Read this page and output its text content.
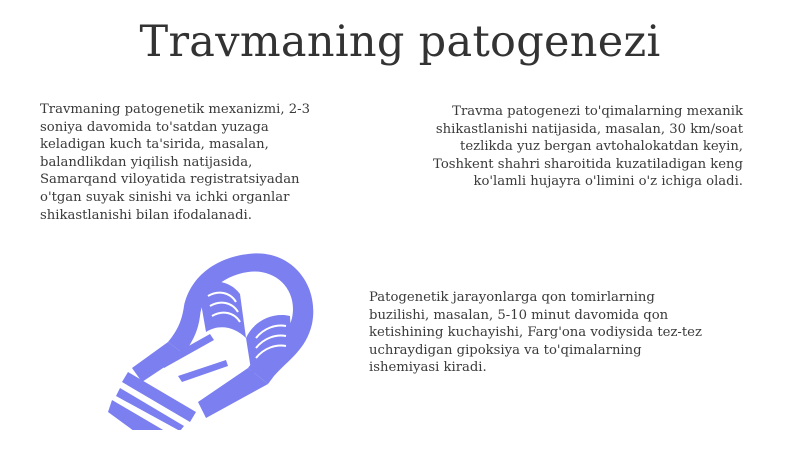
Travmaning patogenezi
Travmaning patogenetik mexanizmi, 2-3
soniya davomida to'satdan yuzaga
keladigan kuch ta'sirida, masalan,
balandlikdan yiqilish natijasida,
Samarqand viloyatida registratsiyadan
o'tgan suyak sinishi va ichki organlar
shikastlanishi bilan ifodalanadi.
Travma patogenezi to'qimalarning mexanik
shikastlanishi natijasida, masalan, 30 km/soat
tezlikda yuz bergan avtohalokatdan keyin,
Toshkent shahri sharoitida kuzatiladigan keng
ko'lamli hujayra o'limini o'z ichiga oladi.
Patogenetik jarayonlarga qon tomirlarning
buzilishi, masalan, 5-10 minut davomida qon
ketishining kuchayishi, Farg'ona vodiysida tez-tez
uchraydigan gipoksiya va to'qimalarning
ishemiyasi kiradi.
